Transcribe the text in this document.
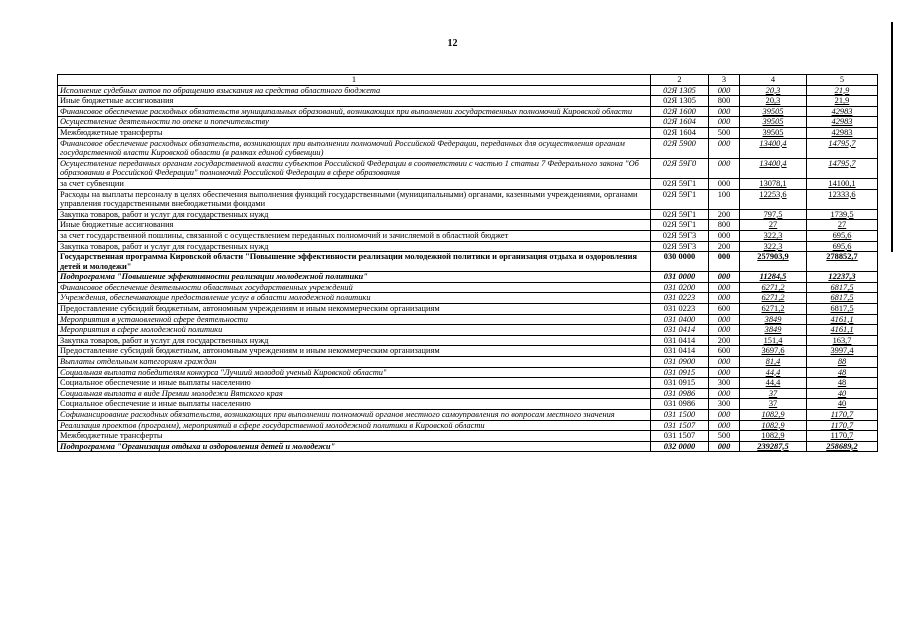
12
1	2	3	4	5
Исполнение судебных актов по обращению взыскания на средства областного бюджета	02Я 1305	000	20,3	21,9
Иные бюджетные ассигнования	02Я 1305	800	20,3	21,9
Финансовое обеспечение расходных обязательств муниципальных образований, возникающих при выполнении государственных полномочий Кировской области	02Я 1600	000	39505	42983
Осуществление деятельности по опеке и попечительству	02Я 1604	000	39505	42983
Межбюджетные трансферты	02Я 1604	500	39505	42983
Финансовое обеспечение расходных обязательств, возникающих при выполнении полномочий Российской Федерации, переданных для осуществления органам государственной власти Кировской области (в рамках единой субвенции)	02Я 5900	000	13400,4	14795,7
Осуществление переданных органам государственной власти субъектов Российской Федерации в соответствии с частью 1 статьи 7 Федерального закона "Об образовании в Российской Федерации" полномочий Российской Федерации в сфере образования	02Я 59Г0	000	13400,4	14795,7
за счет субвенции	02Я 59Г1	000	13078,1	14100,1
Расходы на выплаты персоналу в целях обеспечения выполнения функций государственными (муниципальными) органами, казенными учреждениями, органами управления государственными внебюджетными фондами	02Я 59Г1	100	12253,6	12333,6
Закупка товаров, работ и услуг для государственных нужд	02Я 59Г1	200	797,5	1739,5
Иные бюджетные ассигнования	02Я 59Г1	800	27	27
за счет государственной пошлины, связанной с осуществлением переданных полномочий и зачисляемой в областной бюджет	02Я 59Г3	000	322,3	695,6
Закупка товаров, работ и услуг для государственных нужд	02Я 59Г3	200	322,3	695,6
Государственная программа Кировской области "Повышение эффективности реализации молодежной политики и организация отдыха и оздоровления детей и молодежи"	030 0000	000	257903,9	278852,7
Подпрограмма "Повышение эффективности реализации молодежной политики"	031 0000	000	11284,5	12237,3
Финансовое обеспечение деятельности областных государственных учреждений	031 0200	000	6271,2	6817,5
Учреждения, обеспечивающие предоставление услуг в области молодежной политики	031 0223	000	6271,2	6817,5
Предоставление субсидий бюджетным, автономным учреждениям и иным некоммерческим организациям	031 0223	600	6271,2	6817,5
Мероприятия в установленной сфере деятельности	031 0400	000	3849	4161,1
Мероприятия в сфере молодежной политики	031 0414	000	3849	4161,1
Закупка товаров, работ и услуг для государственных нужд	031 0414	200	151,4	163,7
Предоставление субсидий бюджетным, автономным учреждениям и иным некоммерческим организациям	031 0414	600	3697,6	3997,4
Выплаты отдельным категориям граждан	031 0900	000	81,4	88
Социальная выплата победителям конкурса "Лучший молодой ученый Кировской области"	031 0915	000	44,4	48
Социальное обеспечение и иные выплаты населению	031 0915	300	44,4	48
Социальная выплата в виде Премии молодежи Вятского края	031 0986	000	37	40
Социальное обеспечение и иные выплаты населению	031 0986	300	37	40
Софинансирование расходных обязательств, возникающих при выполнении полномочий органов местного самоуправления по вопросам местного значения	031 1500	000	1082,9	1170,7
Реализация проектов (программ), мероприятий в сфере государственной молодежной политики в Кировской области	031 1507	000	1082,9	1170,7
Межбюджетные трансферты	031 1507	500	1082,9	1170,7
Подпрограмма "Организация отдыха и оздоровления детей и молодежи"	032 0000	000	239287,5	258689,2
